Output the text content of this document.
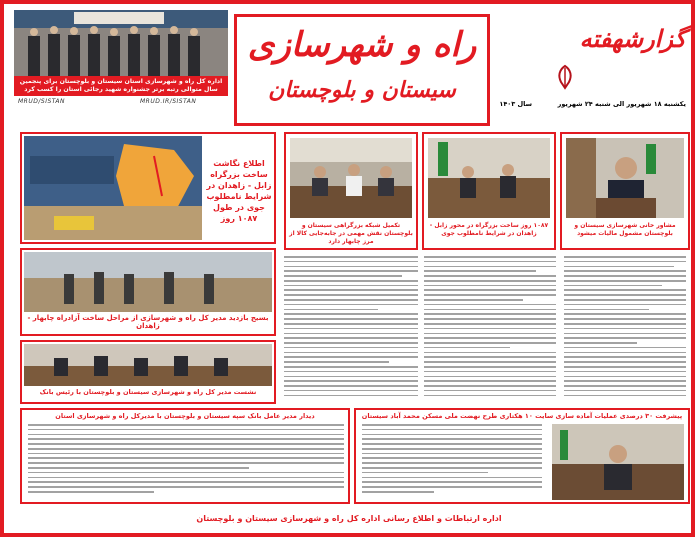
اداره کل راه و شهرسازی استان سیستان و بلوچستان برای پنجمین سال متوالی رتبه برتر جشنواره شهید رجائی استان را کسب کرد
MRUD/SISTAN	MRUD.IR/SISTAN
راه و شهرسازی
سیستان و بلوچستان
گزارشهفته
یکشنبه ۱۸ شهریور الی شنبه ۲۴ شهریور
سال ۱۴۰۳
مشاور خانی شهرسازی سیستان و بلوچستان مشمول مالیات میشود
۱۰۸۷ روز ساخت بزرگراه در محور زابل - زاهدان در شرایط نامطلوب جوی
تکمیل شبکه بزرگراهی سیستان و بلوچستان نقش مهمی در جابه‌جایی کالا از مرز چابهار دارد
اطلاع نگاشت ساخت بزرگراه زابل - زاهدان در شرایط نامطلوب جوی در طول ۱۰۸۷ روز
بسیج بازدید مدیر کل راه و شهرسازی از مراحل ساخت آزادراه چابهار - زاهدان
نشست مدیر کل راه و شهرسازی سیستان و بلوچستان با رئیس بانک
دیدار مدیر عامل بانک سپه سیستان و بلوچستان با مدیرکل راه و شهرسازی استان	پیشرفت ۳۰ درصدی عملیات آماده سازی سایت ۱۰ هکتاری طرح نهضت ملی مسکن محمد آباد سیستان
اداره ارتباطات و اطلاع رسانی اداره کل راه و شهرسازی سیستان و بلوچستان
